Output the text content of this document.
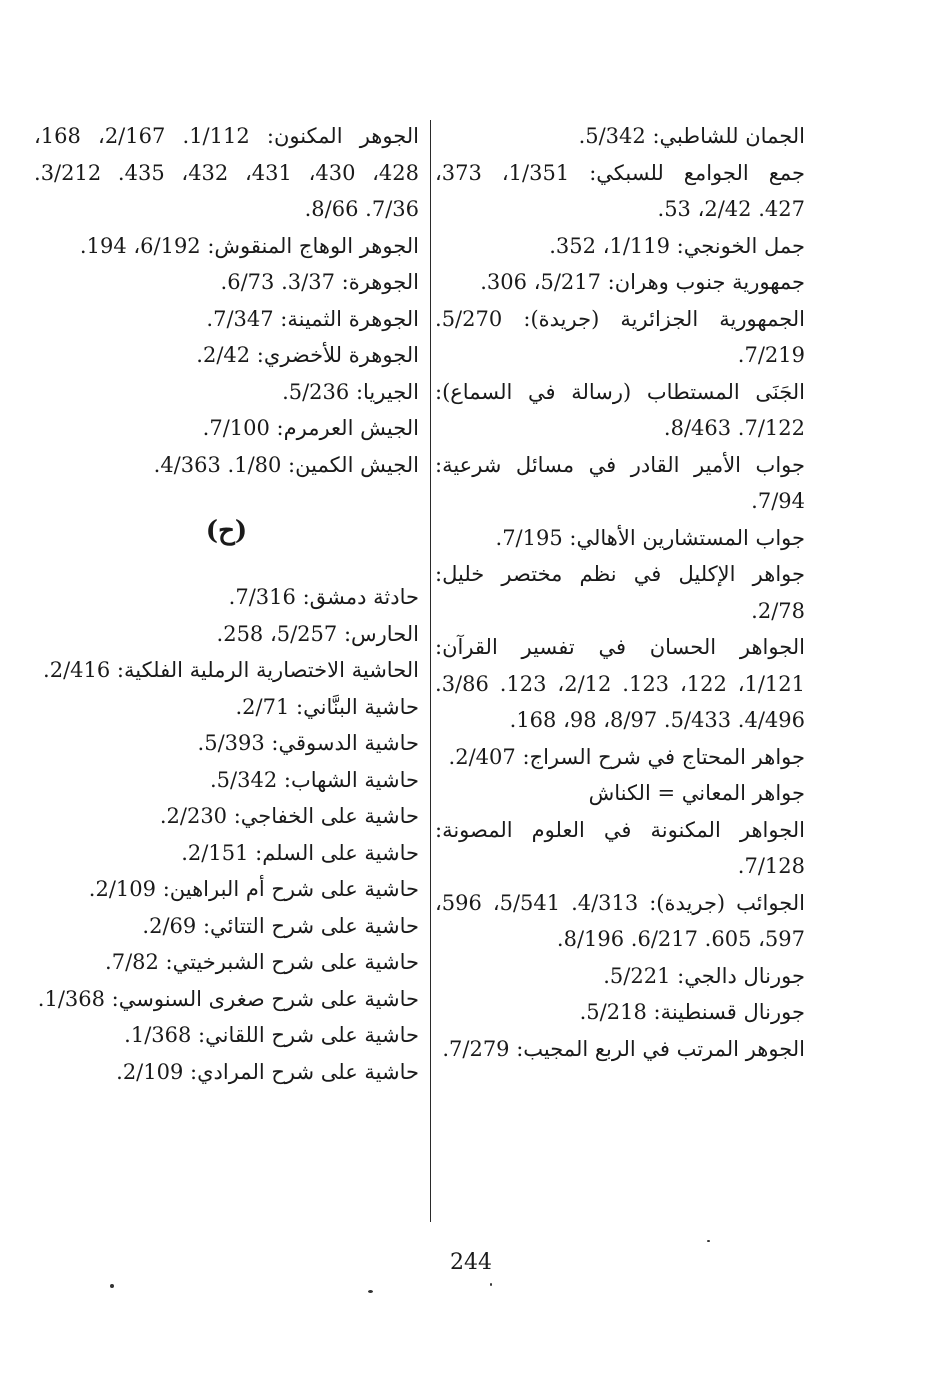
الجمان للشاطبي: 5/342.

جمع الجوامع للسبكي: 1/351، 373، 427. 2/42، 53.

جمل الخونجي: 1/119، 352.

جمهورية جنوب وهران: 5/217، 306.

الجمهورية الجزائرية (جريدة): 5/270. 7/219.

الجَنَى المستطاب (رسالة في السماع): 7/122. 8/463.

جواب الأمير القادر في مسائل شرعية: 7/94.

جواب المستشارين الأهالي: 7/195.

جواهر الإكليل في نظم مختصر خليل: 2/78.

الجواهر الحسان في تفسير القرآن: 1/121، 122، 123. 2/12، 123. 3/86. 4/496. 5/433. 8/97، 98، 168.

جواهر المحتاج في شرح السراج: 2/407.

جواهر المعاني = الكناش

الجواهر المكنونة في العلوم المصونة: 7/128.

الجوائب (جريدة): 4/313. 5/541، 596، 597، 605. 6/217. 8/196.

جورنال دالجي: 5/221.

جورنال قسنطينة: 5/218.

الجوهر المرتب في الربع المجيب: 7/279.

الجوهر المكنون: 1/112. 2/167، 168، 428، 430، 431، 432، 435. 3/212. 7/36. 8/66.

الجوهر الوهاج المنقوش: 6/192، 194.

الجوهرة: 3/37. 6/73.

الجوهرة الثمينة: 7/347.

الجوهرة للأخضري: 2/42.

الجيريا: 5/236.

الجيش العرمرم: 7/100.

الجيش الكمين: 1/80. 4/363.

(ح)

حادثة دمشق: 7/316.

الحارس: 5/257، 258.

الحاشية الاختصارية الرملية الفلكية: 2/416.

حاشية البنَّاني: 2/71.

حاشية الدسوقي: 5/393.

حاشية الشهاب: 5/342.

حاشية على الخفاجي: 2/230.

حاشية على السلم: 2/151.

حاشية على شرح أم البراهين: 2/109.

حاشية على شرح التتائي: 2/69.

حاشية على شرح الشبرخيتي: 7/82.

حاشية على شرح صغرى السنوسي: 1/368.

حاشية على شرح اللقاني: 1/368.

حاشية على شرح المرادي: 2/109.

244
